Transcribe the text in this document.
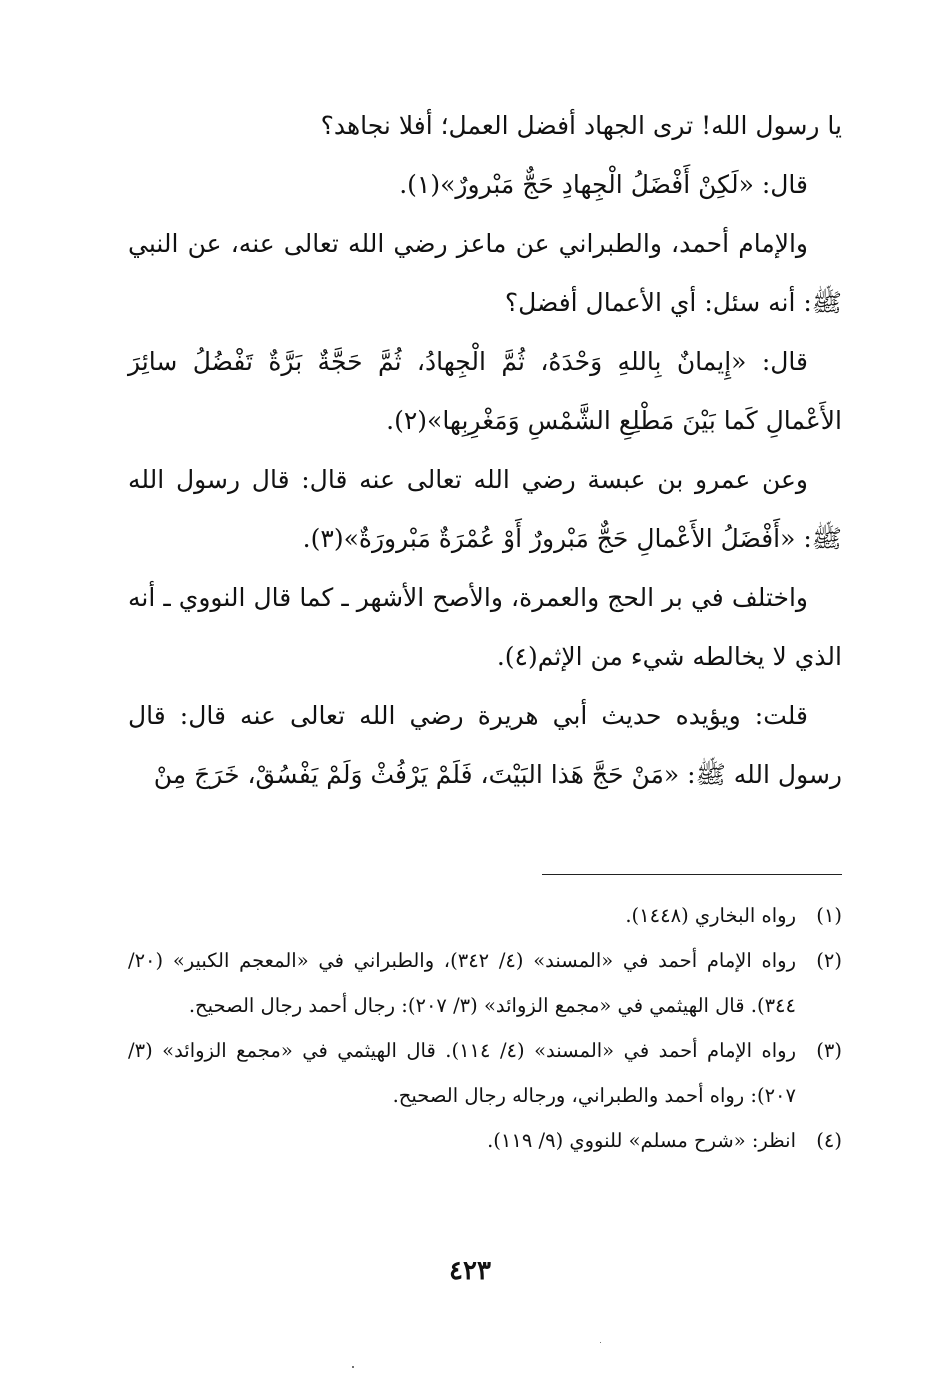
يا رسول الله! ترى الجهاد أفضل العمل؛ أفلا نجاهد؟

قال: «لَكِنْ أَفْضَلُ الْجِهادِ حَجٌّ مَبْرورٌ»(١).

والإمام أحمد، والطبراني عن ماعز رضي الله تعالى عنه، عن النبي ﷺ: أنه سئل: أي الأعمال أفضل؟

قال: «إِيمانٌ بِاللهِ وَحْدَهُ، ثُمَّ الْجِهادُ، ثُمَّ حَجَّةٌ بَرَّةٌ تَفْضُلُ سائِرَ الأَعْمالِ كَما بَيْنَ مَطْلِعِ الشَّمْسِ وَمَغْرِبِها»(٢).

وعن عمرو بن عبسة رضي الله تعالى عنه قال: قال رسول الله ﷺ: «أَفْضَلُ الأَعْمالِ حَجٌّ مَبْرورٌ أَوْ عُمْرَةٌ مَبْرورَةٌ»(٣).

واختلف في بر الحج والعمرة، والأصح الأشهر ـ كما قال النووي ـ أنه الذي لا يخالطه شيء من الإثم(٤).

قلت: ويؤيده حديث أبي هريرة رضي الله تعالى عنه قال: قال رسول الله ﷺ: «مَنْ حَجَّ هَذا البَيْتَ، فَلَمْ يَرْفُثْ وَلَمْ يَفْسُقْ، خَرَجَ مِنْ

(١)
رواه البخاري (١٤٤٨).
(٢)
رواه الإمام أحمد في «المسند» (٤/ ٣٤٢)، والطبراني في «المعجم الكبير» (٢٠/ ٣٤٤). قال الهيثمي في «مجمع الزوائد» (٣/ ٢٠٧): رجال أحمد رجال الصحيح.
(٣)
رواه الإمام أحمد في «المسند» (٤/ ١١٤). قال الهيثمي في «مجمع الزوائد» (٣/ ٢٠٧): رواه أحمد والطبراني، ورجاله رجال الصحيح.
(٤)
انظر: «شرح مسلم» للنووي (٩/ ١١٩).
٤٢٣
